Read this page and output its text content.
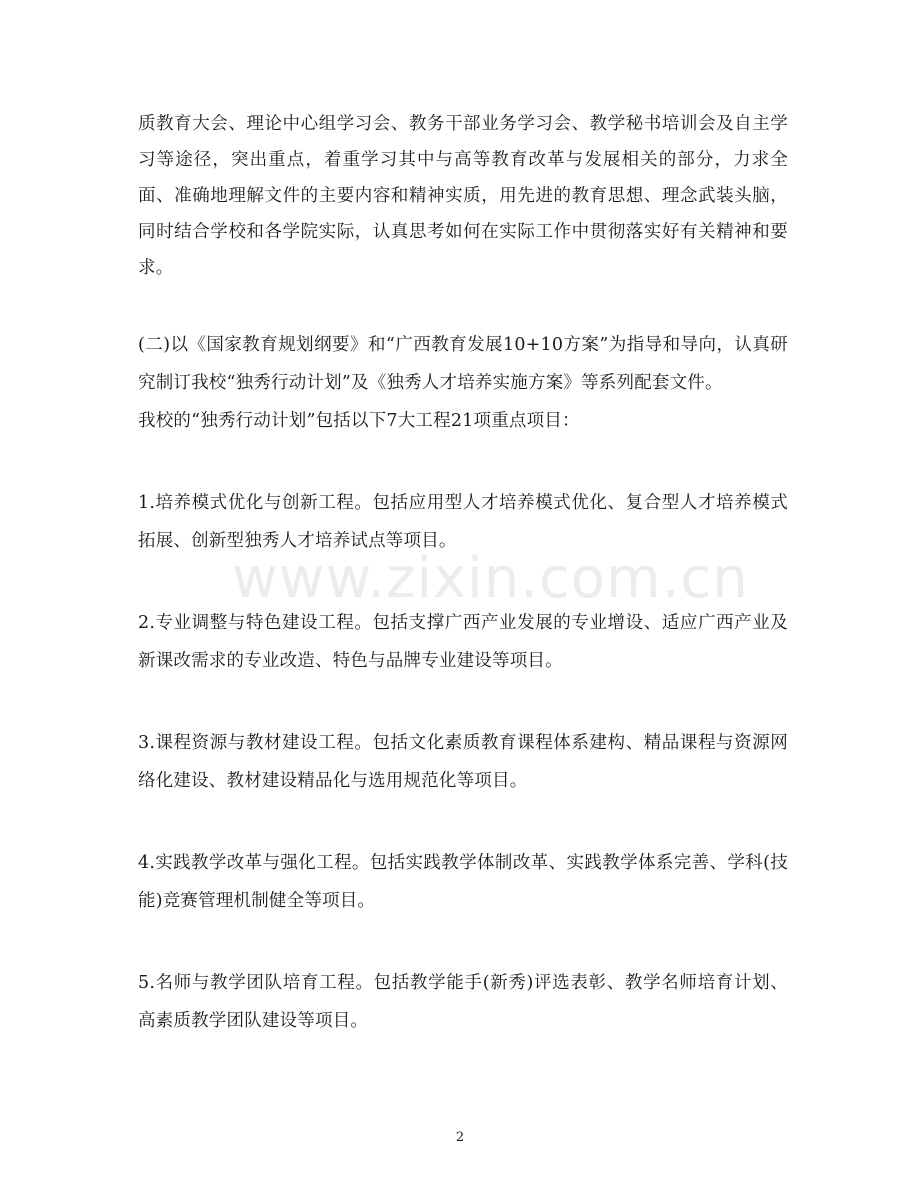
www.zixin.com.cn

质教育大会、理论中心组学习会、教务干部业务学习会、教学秘书培训会及自主学习等途径，突出重点，着重学习其中与高等教育改革与发展相关的部分，力求全面、准确地理解文件的主要内容和精神实质，用先进的教育思想、理念武装头脑，同时结合学校和各学院实际，认真思考如何在实际工作中贯彻落实好有关精神和要求。

(二)以《国家教育规划纲要》和“广西教育发展10+10方案”为指导和导向，认真研究制订我校“独秀行动计划”及《独秀人才培养实施方案》等系列配套文件。

我校的“独秀行动计划”包括以下7大工程21项重点项目：

1.培养模式优化与创新工程。包括应用型人才培养模式优化、复合型人才培养模式拓展、创新型独秀人才培养试点等项目。

2.专业调整与特色建设工程。包括支撑广西产业发展的专业增设、适应广西产业及新课改需求的专业改造、特色与品牌专业建设等项目。

3.课程资源与教材建设工程。包括文化素质教育课程体系建构、精品课程与资源网络化建设、教材建设精品化与选用规范化等项目。

4.实践教学改革与强化工程。包括实践教学体制改革、实践教学体系完善、学科(技能)竞赛管理机制健全等项目。

5.名师与教学团队培育工程。包括教学能手(新秀)评选表彰、教学名师培育计划、高素质教学团队建设等项目。

2
